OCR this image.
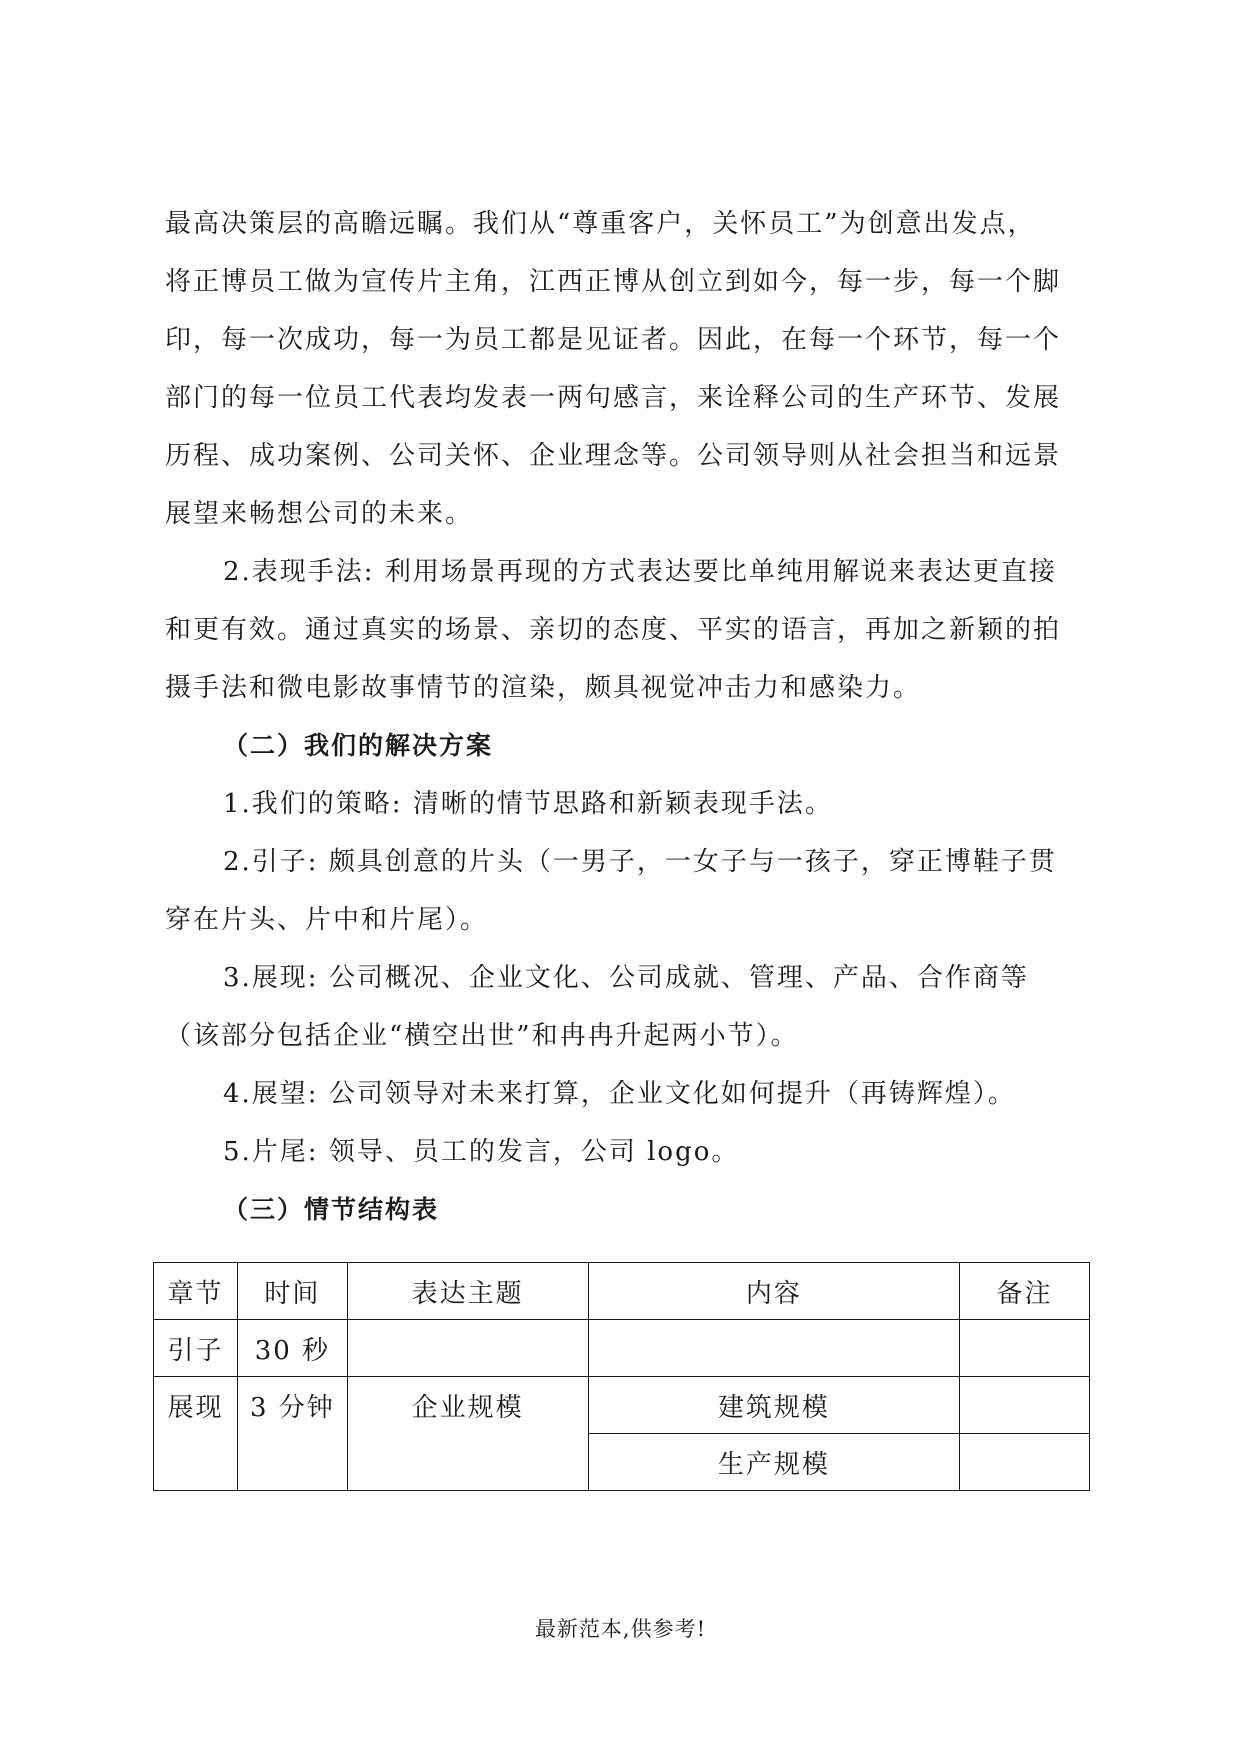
最高决策层的高瞻远瞩。我们从“尊重客户，关怀员工”为创意出发点，
将正博员工做为宣传片主角，江西正博从创立到如今，每一步，每一个脚
印，每一次成功，每一为员工都是见证者。因此，在每一个环节，每一个
部门的每一位员工代表均发表一两句感言，来诠释公司的生产环节、发展
历程、成功案例、公司关怀、企业理念等。公司领导则从社会担当和远景
展望来畅想公司的未来。
2.表现手法: 利用场景再现的方式表达要比单纯用解说来表达更直接
和更有效。通过真实的场景、亲切的态度、平实的语言，再加之新颖的拍
摄手法和微电影故事情节的渲染，颇具视觉冲击力和感染力。
（二）我们的解决方案
1.我们的策略: 清晰的情节思路和新颖表现手法。
2.引子: 颇具创意的片头（一男子，一女子与一孩子，穿正博鞋子贯
穿在片头、片中和片尾）。
3.展现: 公司概况、企业文化、公司成就、管理、产品、合作商等
（该部分包括企业“横空出世”和冉冉升起两小节）。
4.展望: 公司领导对未来打算，企业文化如何提升（再铸辉煌）。
5.片尾: 领导、员工的发言，公司 logo。
（三）情节结构表
章节	时间	表达主题	内容	备注
引子	30 秒			
展现	3 分钟	企业规模	建筑规模	
			生产规模	
最新范本,供参考!
